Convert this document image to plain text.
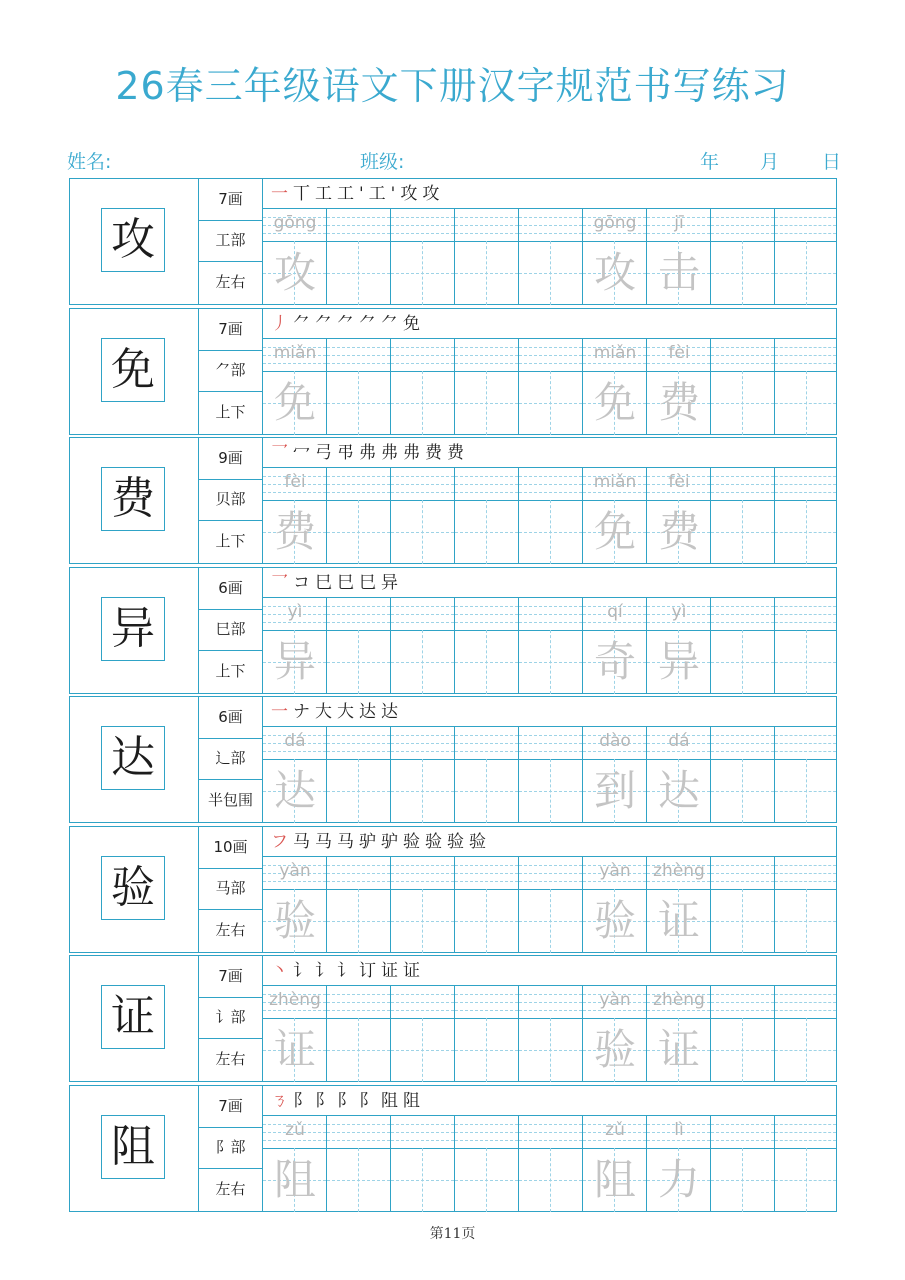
26春三年级语文下册汉字规范书写练习
姓名:	班级:	年 月 日
攻
7画
工部
左右
一丅工工'工'攻攻
gōng
攻
gōng
攻
jī
击
免
7画
⺈部
上下
丿⺈⺈⺈⺈⺈免
miǎn
免
miǎn
免
fèi
费
费
9画
贝部
上下
乛冖弓弔弗弗弗费费
fèi
费
miǎn
免
fèi
费
异
6画
巳部
上下
乛コ巳巳巳异
yì
异
qí
奇
yì
异
达
6画
辶部
半包围
一ナ大大达达
dá
达
dào
到
dá
达
验
10画
马部
左右
フ马马马驴驴验验验验
yàn
验
yàn
验
zhèng
证
证
7画
讠部
左右
丶讠讠讠订证证
zhèng
证
yàn
验
zhèng
证
阻
7画
阝部
左右
ㄋ阝阝阝阝阻阻
zǔ
阻
zǔ
阻
lì
力
第11页
